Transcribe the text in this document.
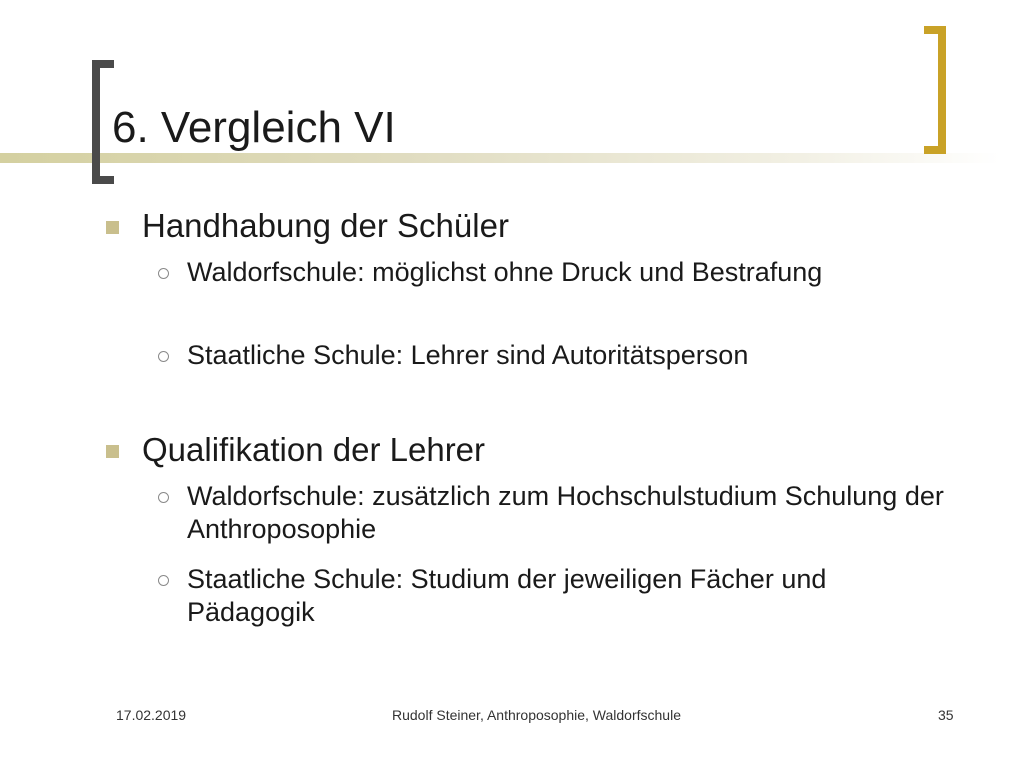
6. Vergleich VI
Handhabung der Schüler
Waldorfschule: möglichst ohne Druck und Bestrafung
Staatliche Schule: Lehrer sind Autoritätsperson
Qualifikation der Lehrer
Waldorfschule: zusätzlich zum Hochschulstudium Schulung der Anthroposophie
Staatliche Schule: Studium der jeweiligen Fächer und Pädagogik
17.02.2019	Rudolf Steiner, Anthroposophie, Waldorfschule	35
